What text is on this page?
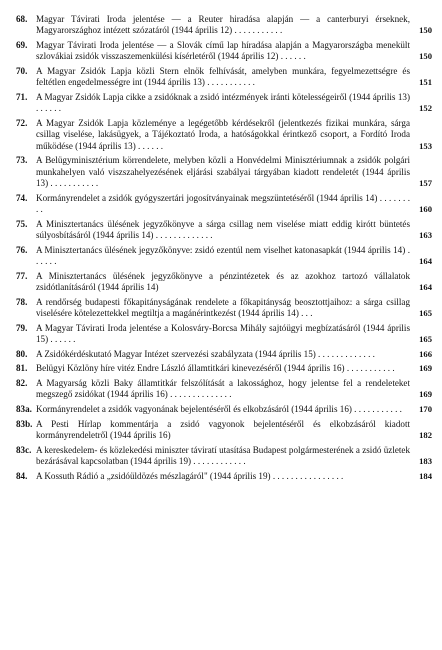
68. Magyar Távirati Iroda jelentése — a Reuter hiradása alapján — a canterburyi érseknek, Magyarországhoz intézett szózatáról (1944 április 12) . . . . . . . . . . .	150
69. Magyar Távirati Iroda jelentése — a Slovák című lap híradása alapján a Magyarországba menekült szlovákiai zsidók visszaszemenkülési kísérletéről (1944 április 12) . . . . . .	150
70. A Magyar Zsidók Lapja közli Stern elnök felhívását, amelyben munkára, fegyelmezettségre és feltétlen engedelmességre int (1944 április 13) . . . . . . . . . . .	151
71. A Magyar Zsidók Lapja cikke a zsidóknak a zsidó intézmények iránti kötelességeiről (1944 április 13) . . . . . .	152
72. A Magyar Zsidók Lapja közleménye a legégetőbb kérdésekről (jelentkezés fizikai munkára, sárga csillag viselése, lakásügyek, a Tájékoztató Iroda, a hatóságokkal érintkező csoport, a Fordító Iroda működése (1944 április 13) . . . . . .	153
73. A Belügyminisztérium körrendelete, melyben közli a Honvédelmi Minisztériumnak a zsidók polgári munkahelyen való viszszahelyezésének eljárási szabályai tárgyában kiadott rendeletét (1944 április 13) . . . . . . . . . . .	157
74. Kormányrendelet a zsidók gyógyszertári jogosítványainak megszüntetéséről (1944 április 14) . . . . . . . . .	160
75. A Minisztertanács ülésének jegyzőkönyve a sárga csillag nem viselése miatt eddig kirótt büntetés súlyosbításáról (1944 április 14) . . . . . . . . . . . . .	163
76. A Minisztertanács ülésének jegyzőkönyve: zsidó ezentúl nem viselhet katonasapkát (1944 április 14) . . . . . .	164
77. A Minisztertanács ülésének jegyzőkönyve a pénzintézetek és az azokhoz tartozó vállalatok zsidótlanításáról (1944 április 14)	164
78. A rendőrség budapesti főkapitányságának rendelete a főkapitányság beosztottjaihoz: a sárga csillag viselésére kötelezettekkel megtiltja a magánérintkezést (1944 április 14) . . .	165
79. A Magyar Távirati Iroda jelentése a Kolosváry-Borcsa Mihály sajtóügyi megbízatásáról (1944 április 15) . . . . . .	165
80. A Zsidókérdéskutató Magyar Intézet szervezési szabályzata (1944 április 15) . . . . . . . . . . . . .	166
81. Belügyi Közlöny híre vitéz Endre László államtitkári kinevezéséről (1944 április 16) . . . . . . . . . . .	169
82. A Magyarság közli Baky államtitkár felszólítását a lakossághoz, hogy jelentse fel a rendeleteket megszegő zsidókat (1944 április 16) . . . . . . . . . . . . . .	169
83a. Kormányrendelet a zsidók vagyonának bejelentéséről és elkobzásáról (1944 április 16) . . . . . . . . . . . 170
83b. A Pesti Hírlap kommentárja a zsidó vagyonok bejelentéséről és elkobzásáról kiadott kormányrendeletről (1944 április 16)	182
83c. A kereskedelem- és közlekedési miniszter táviratí utasítása Budapest polgármesterének a zsidó üzletek bezárásával kapcsolatban (1944 április 19) . . . . . . . . . . . .	183
84. A Kossuth Rádió a „zsidóüldözés mészlagáról" (1944 április 19) . . . . . . . . . . . . . . . .	184
